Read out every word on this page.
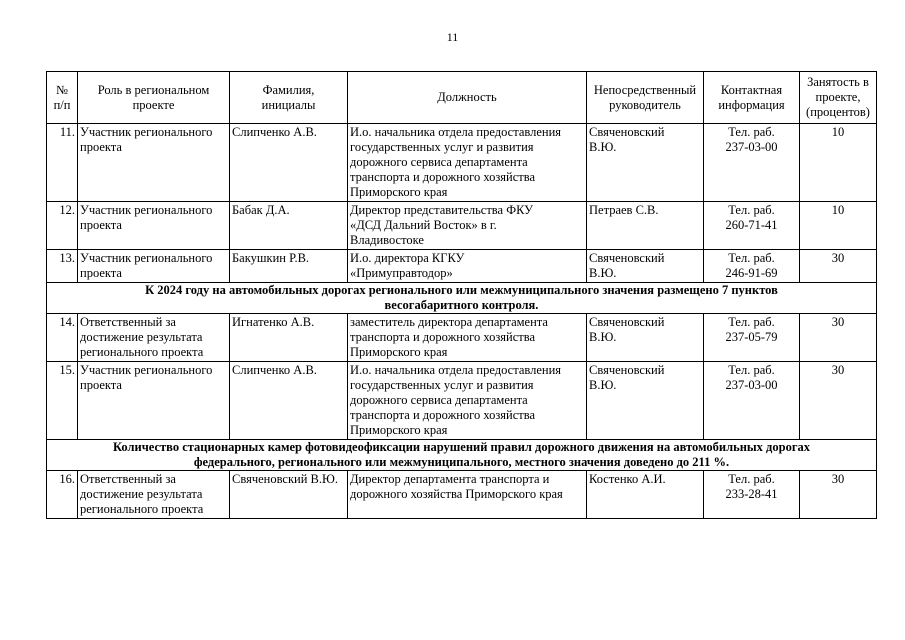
11
№
п/п	Роль в региональном
проекте	Фамилия,
инициалы	Должность	Непосредственный
руководитель	Контактная
информация	Занятость в
проекте,
(процентов)
11.	Участник регионального
проекта	Слипченко А.В.	И.о. начальника отдела предоставления
государственных услуг и развития
дорожного сервиса департамента
транспорта и дорожного хозяйства
Приморского края	Свяченовский
В.Ю.	Тел. раб.
237-03-00	10
12.	Участник регионального
проекта	Бабак Д.А.	Директор представительства ФКУ
«ДСД Дальний Восток» в г.
Владивостоке	Петраев С.В.	Тел. раб.
260-71-41	10
13.	Участник регионального
проекта	Бакушкин Р.В.	И.о. директора КГКУ
«Примуправтодор»	Свяченовский
В.Ю.	Тел. раб.
246-91-69	30
К 2024 году на автомобильных дорогах регионального или межмуниципального значения размещено 7 пунктов
весогабаритного контроля.						
14.	Ответственный за
достижение результата
регионального проекта	Игнатенко А.В.	заместитель директора департамента
транспорта и дорожного хозяйства
Приморского края	Свяченовский
В.Ю.	Тел. раб.
237-05-79	30
15.	Участник регионального
проекта	Слипченко А.В.	И.о. начальника отдела предоставления
государственных услуг и развития
дорожного сервиса департамента
транспорта и дорожного хозяйства
Приморского края	Свяченовский
В.Ю.	Тел. раб.
237-03-00	30
Количество стационарных камер фотовидеофиксации нарушений правил дорожного движения на автомобильных дорогах
федерального, регионального или межмуниципального, местного значения доведено до 211 %.						
16.	Ответственный за
достижение результата
регионального проекта	Свяченовский В.Ю.	Директор департамента транспорта и
дорожного хозяйства Приморского края	Костенко А.И.	Тел. раб.
233-28-41	30
